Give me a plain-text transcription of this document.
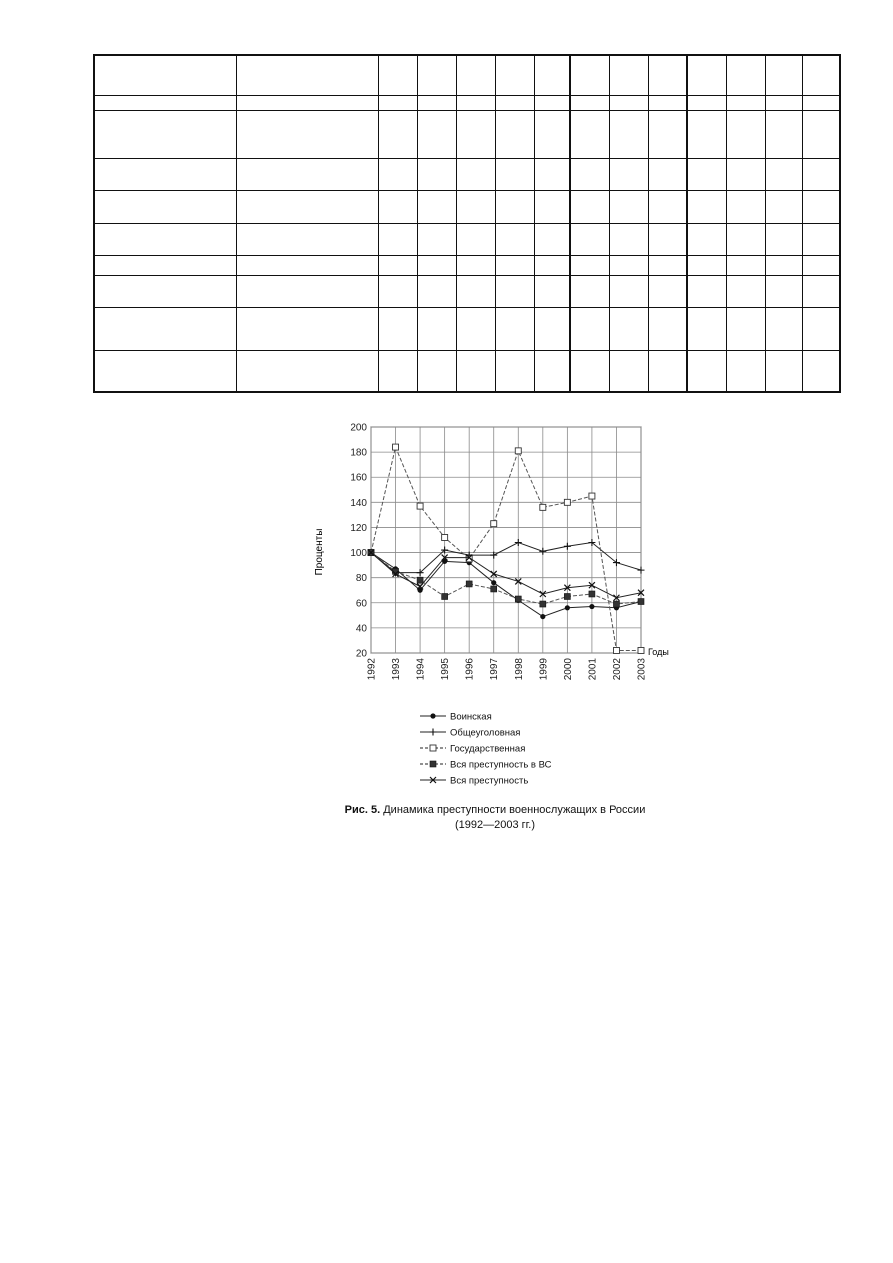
20
40
60
80
100
120
140
160
180
200
1992 1993 1994 1995 1996 1997 1998 1999 2000 2001 2002 2003
Воинская
Общеуголовная
Государственная
Вся преступность в ВС
Вся преступность
Проценты
Годы
Рис. 5. Динамика преступности военнослужащих в России
(1992—2003 гг.)
